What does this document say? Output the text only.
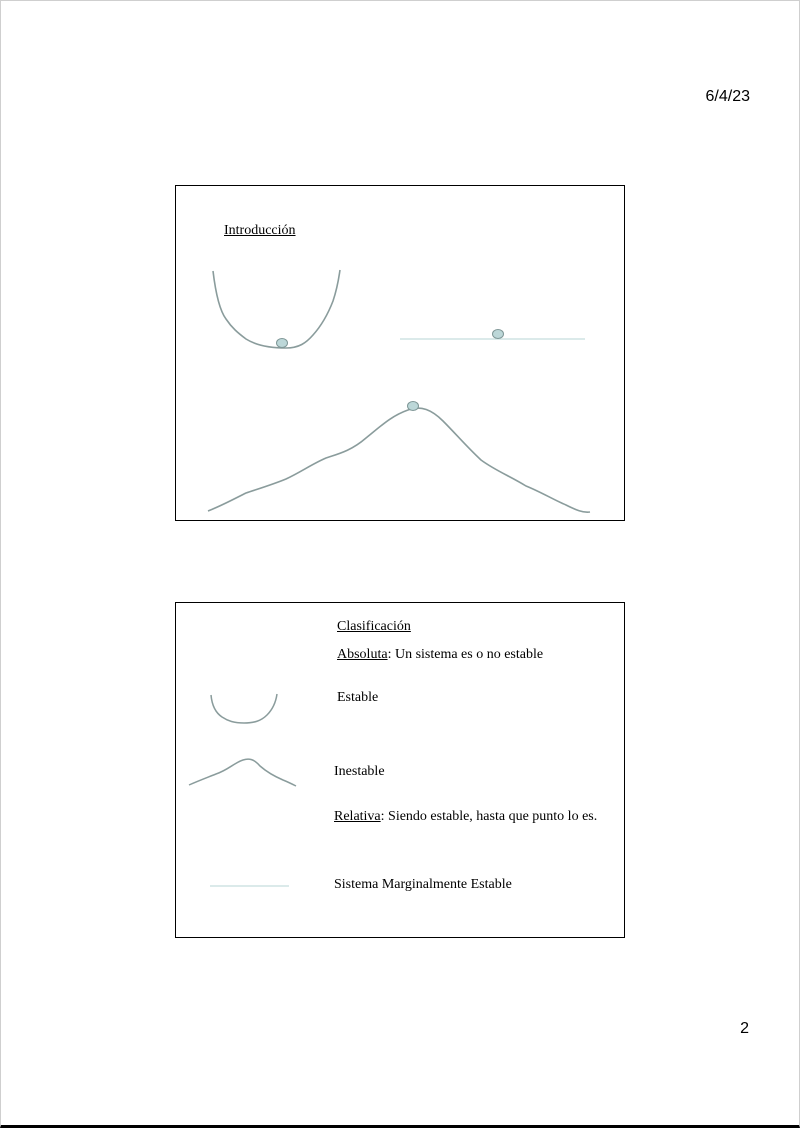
6/4/23
Introducción
Clasificación
Absoluta: Un sistema es o no estable
Estable
Inestable
Relativa: Siendo estable, hasta que punto lo es.
Sistema Marginalmente Estable
2
